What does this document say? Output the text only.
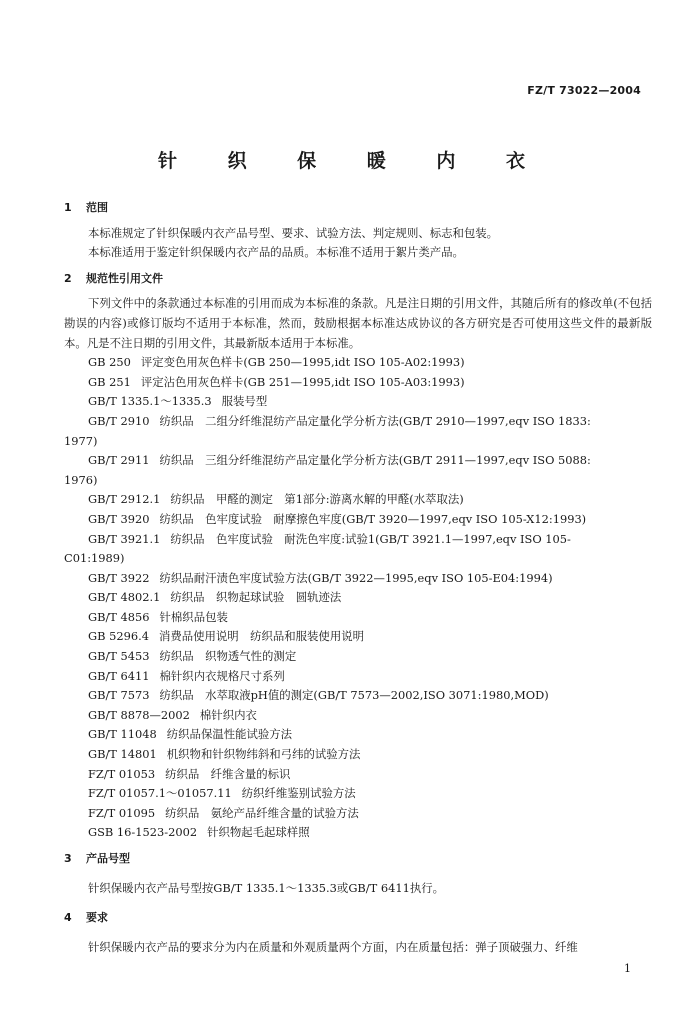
FZ/T 73022—2004
针 织 保 暖 内 衣

1 范围

本标准规定了针织保暖内衣产品号型、要求、试验方法、判定规则、标志和包装。

本标准适用于鉴定针织保暖内衣产品的品质。本标准不适用于絮片类产品。

2 规范性引用文件

下列文件中的条款通过本标准的引用而成为本标准的条款。凡是注日期的引用文件，其随后所有的修改单(不包括勘误的内容)或修订版均不适用于本标准，然而，鼓励根据本标准达成协议的各方研究是否可使用这些文件的最新版本。凡是不注日期的引用文件，其最新版本适用于本标准。

GB 250 评定变色用灰色样卡(GB 250—1995,idt ISO 105-A02:1993)
GB 251 评定沾色用灰色样卡(GB 251—1995,idt ISO 105-A03:1993)
GB/T 1335.1～1335.3 服装号型
GB/T 2910 纺织品　二组分纤维混纺产品定量化学分析方法(GB/T 2910—1997,eqv ISO 1833:
1977)
GB/T 2911 纺织品　三组分纤维混纺产品定量化学分析方法(GB/T 2911—1997,eqv ISO 5088:
1976)
GB/T 2912.1 纺织品　甲醛的测定　第1部分:游离水解的甲醛(水萃取法)
GB/T 3920 纺织品　色牢度试验　耐摩擦色牢度(GB/T 3920—1997,eqv ISO 105-X12:1993)
GB/T 3921.1 纺织品　色牢度试验　耐洗色牢度:试验1(GB/T 3921.1—1997,eqv ISO 105-
C01:1989)
GB/T 3922 纺织品耐汗渍色牢度试验方法(GB/T 3922—1995,eqv ISO 105-E04:1994)
GB/T 4802.1 纺织品　织物起球试验　圆轨迹法
GB/T 4856 针棉织品包装
GB 5296.4 消费品使用说明　纺织品和服装使用说明
GB/T 5453 纺织品　织物透气性的测定
GB/T 6411 棉针织内衣规格尺寸系列
GB/T 7573 纺织品　水萃取液pH值的测定(GB/T 7573—2002,ISO 3071:1980,MOD)
GB/T 8878—2002 棉针织内衣
GB/T 11048 纺织品保温性能试验方法
GB/T 14801 机织物和针织物纬斜和弓纬的试验方法
FZ/T 01053 纺织品　纤维含量的标识
FZ/T 01057.1～01057.11 纺织纤维鉴别试验方法
FZ/T 01095 纺织品　氨纶产品纤维含量的试验方法
GSB 16-1523-2002 针织物起毛起球样照

3 产品号型

针织保暖内衣产品号型按GB/T 1335.1～1335.3或GB/T 6411执行。

4 要求

针织保暖内衣产品的要求分为内在质量和外观质量两个方面，内在质量包括：弹子顶破强力、纤维

1
